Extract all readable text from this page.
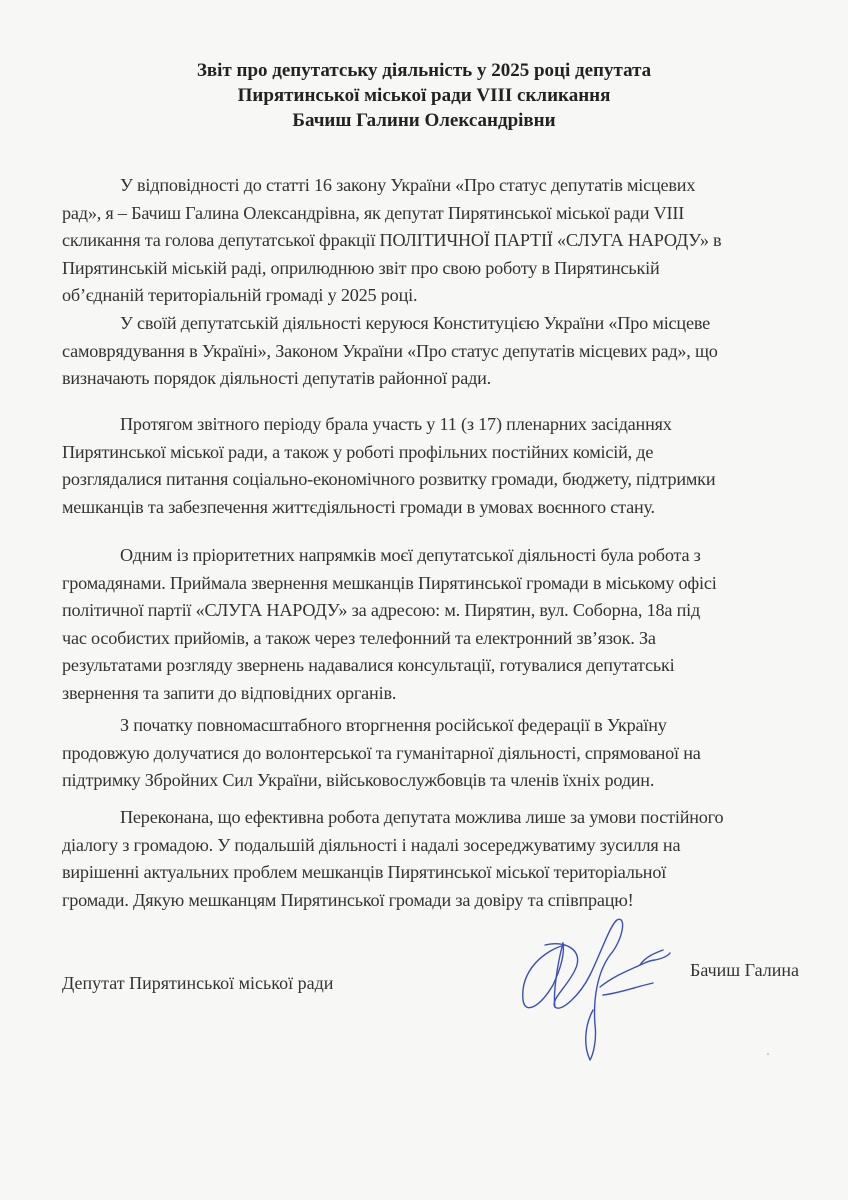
Звіт про депутатську діяльність у 2025 році депутата
Пирятинської міської ради VIII скликання
Бачиш Галини Олександрівни
У відповідності до статті 16 закону України «Про статус депутатів місцевих
рад», я – Бачиш Галина Олександрівна, як депутат Пирятинської міської ради VIII
скликання та голова депутатської фракції ПОЛІТИЧНОЇ ПАРТІЇ «СЛУГА НАРОДУ» в
Пирятинській міській раді, оприлюднюю звіт про свою роботу в Пирятинській
об’єднаній територіальній громаді у 2025 році.
У своїй депутатській діяльності керуюся Конституцією України «Про місцеве
самоврядування в Україні», Законом України «Про статус депутатів місцевих рад», що
визначають порядок діяльності депутатів районної ради.
Протягом звітного періоду брала участь у 11 (з 17) пленарних засіданнях
Пирятинської міської ради, а також у роботі профільних постійних комісій, де
розглядалися питання соціально-економічного розвитку громади, бюджету, підтримки
мешканців та забезпечення життєдіяльності громади в умовах воєнного стану.
Одним із пріоритетних напрямків моєї депутатської діяльності була робота з
громадянами. Приймала звернення мешканців Пирятинської громади в міському офісі
політичної партії «СЛУГА НАРОДУ» за адресою: м. Пирятин, вул. Соборна, 18а під
час особистих прийомів, а також через телефонний та електронний зв’язок. За
результатами розгляду звернень надавалися консультації, готувалися депутатські
звернення та запити до відповідних органів.
З початку повномасштабного вторгнення російської федерації в Україну
продовжую долучатися до волонтерської та гуманітарної діяльності, спрямованої на
підтримку Збройних Сил України, військовослужбовців та членів їхніх родин.
Переконана, що ефективна робота депутата можлива лише за умови постійного
діалогу з громадою. У подальшій діяльності і надалі зосереджуватиму зусилля на
вирішенні актуальних проблем мешканців Пирятинської міської територіальної
громади. Дякую мешканцям Пирятинської громади за довіру та співпрацю!
Депутат Пирятинської міської ради
Бачиш Галина
